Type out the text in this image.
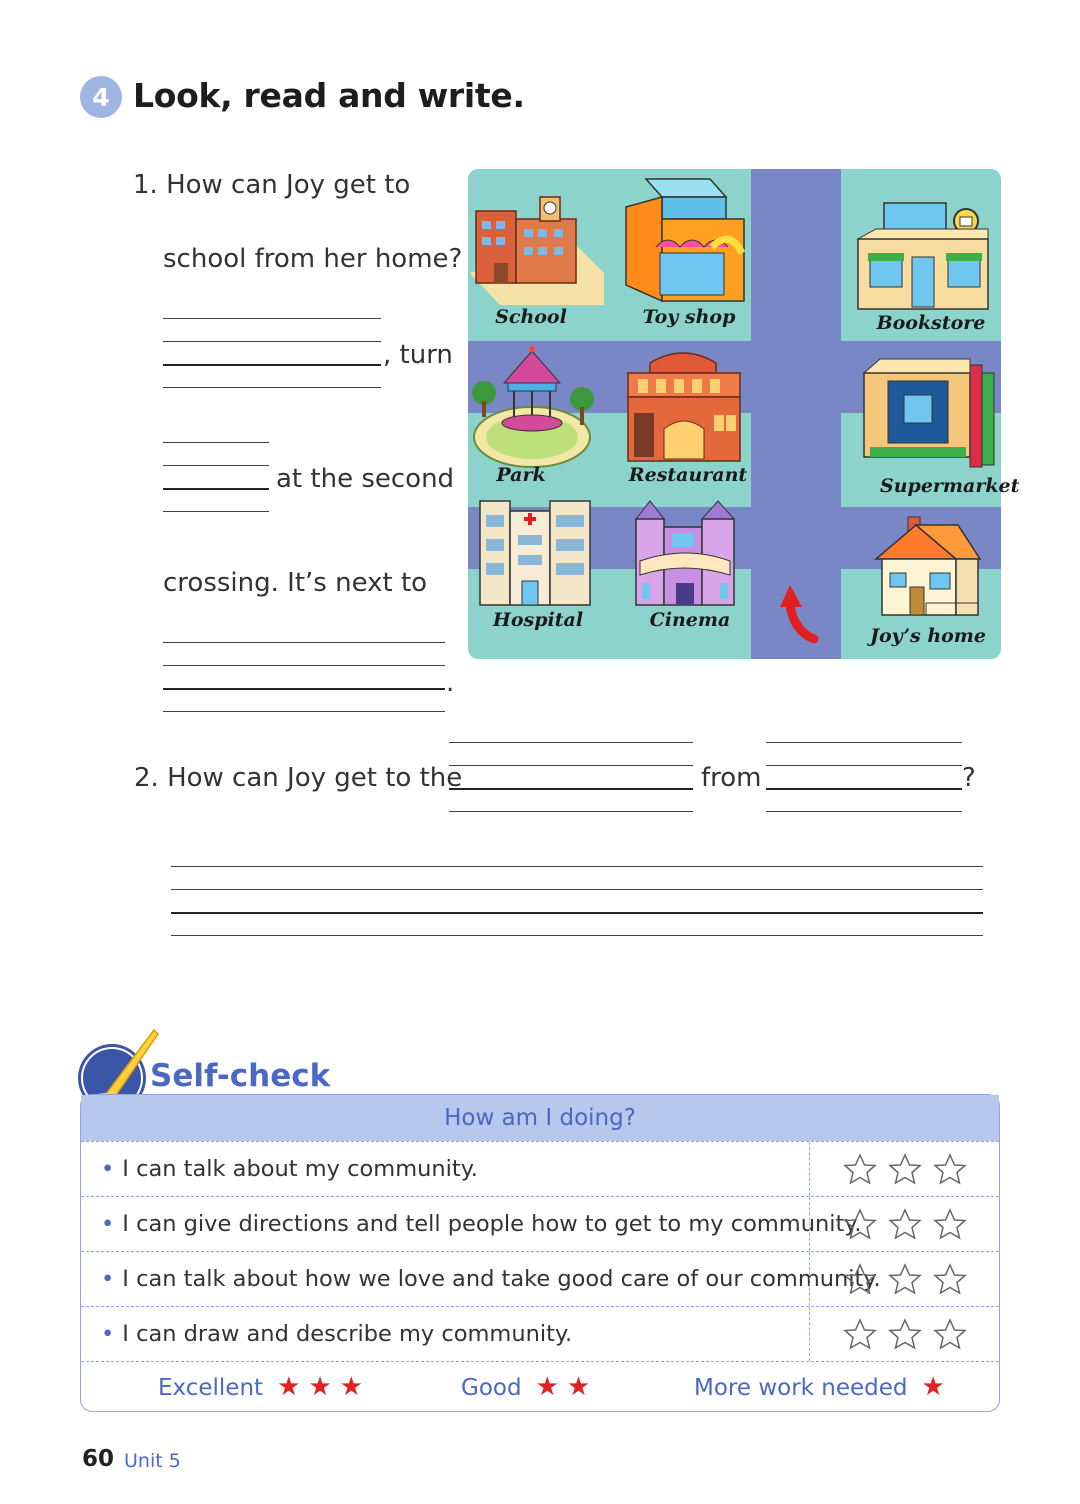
4 Look, read and write.
1. How can Joy get to
school from her home?
, turn
at the second
crossing. It’s next to
.
School	Toy shop	Bookstore
Park	Restaurant	Supermarket
Hospital	Cinema
Joy’s home
2. How can Joy get to the	from	?
Self-check
How am I doing?
• I can talk about my community.
• I can give directions and tell people how to get to my community.
• I can talk about how we love and take good care of our community.
• I can draw and describe my community.
Excellent ★★★	Good ★★	More work needed ★
60 Unit 5
